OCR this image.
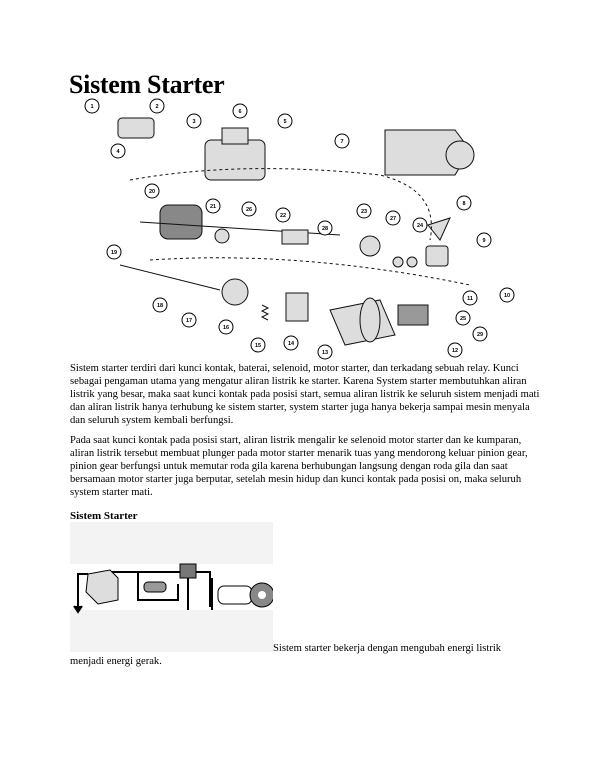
Sistem Starter
1	2
3
4
5
6
7
8
9
10
11
12
13
14
15
16
17
18
19
20
21
22
23
24
25
26
27
28
29

Sistem starter terdiri dari kunci kontak, baterai, selenoid, motor starter, dan terkadang sebuah relay. Kunci sebagai pengaman utama yang mengatur aliran listrik ke starter. Karena System starter membutuhkan aliran listrik yang besar, maka saat kunci kontak pada posisi start, semua aliran listrik ke seluruh sistem menjadi mati dan aliran listrik hanya terhubung ke sistem starter, system starter juga hanya bekerja sampai mesin menyala dan seluruh system kembali berfungsi.

Pada saat kunci kontak pada posisi start, aliran listrik mengalir ke selenoid motor starter dan ke kumparan, aliran listrik tersebut membuat plunger pada motor starter menarik tuas yang mendorong keluar pinion gear, pinion gear berfungsi untuk memutar roda gila karena berhubungan langsung dengan roda gila dan saat bersamaan motor starter juga berputar, setelah mesin hidup dan kunci kontak pada posisi on, maka seluruh system starter mati.

Sistem Starter

Sistem starter bekerja dengan mengubah energi listrik
menjadi energi gerak.
